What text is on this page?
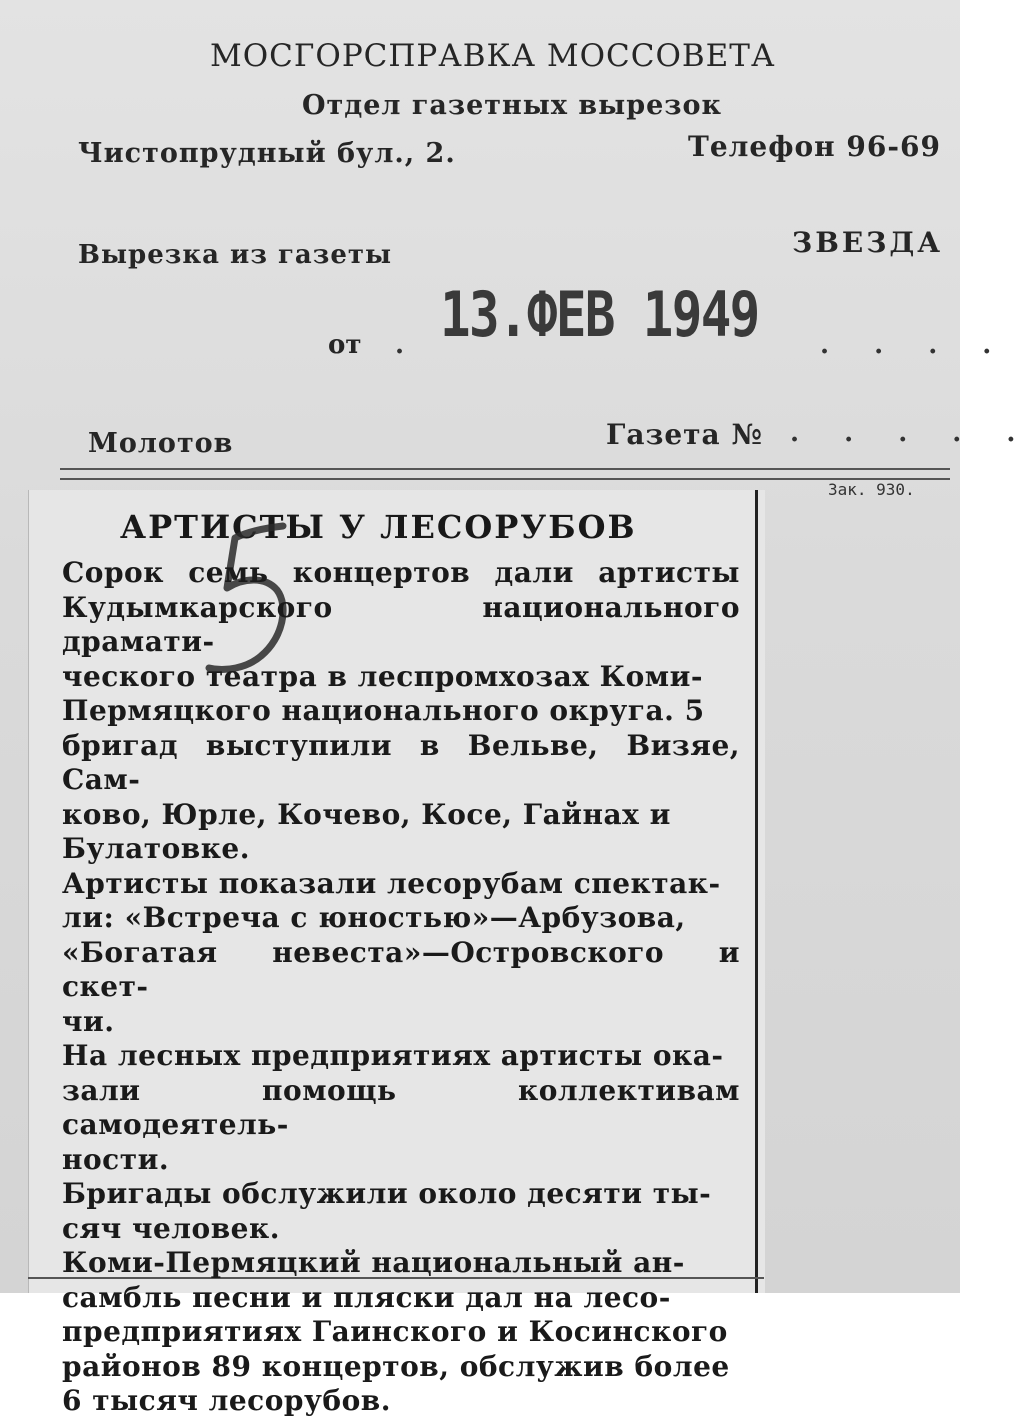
МОСГОРСПРАВКА МОССОВЕТА
Отдел газетных вырезок
Чистопрудный бул., 2.	Телефон 96-69
Вырезка из газеты	ЗВЕЗДА
от . 13.ФЕВ 1949 . . . .
Молотов	Газета № . . . . .
Зак. 930.
АРТИСТЫ У ЛЕСОРУБОВ

Сорок семь концертов дали артисты Кудымкарского национального драмати-
ческого театра в леспромхозах Коми-
Пермяцкого национального округа. 5
бригад выступили в Вельве, Визяе, Сам-
ково, Юрле, Кочево, Косе, Гайнах и
Булатовке.

Артисты показали лесорубам спектак-
ли: «Встреча с юностью»—Арбузова,
«Богатая невеста»—Островского и скет-
чи.

На лесных предприятиях артисты ока-
зали помощь коллективам самодеятель-
ности.

Бригады обслужили около десяти ты-
сяч человек.

Коми-Пермяцкий национальный ан-
самбль песни и пляски дал на лесо-
предприятиях Гаинского и Косинского
районов 89 концертов, обслужив более
6 тысяч лесорубов.
